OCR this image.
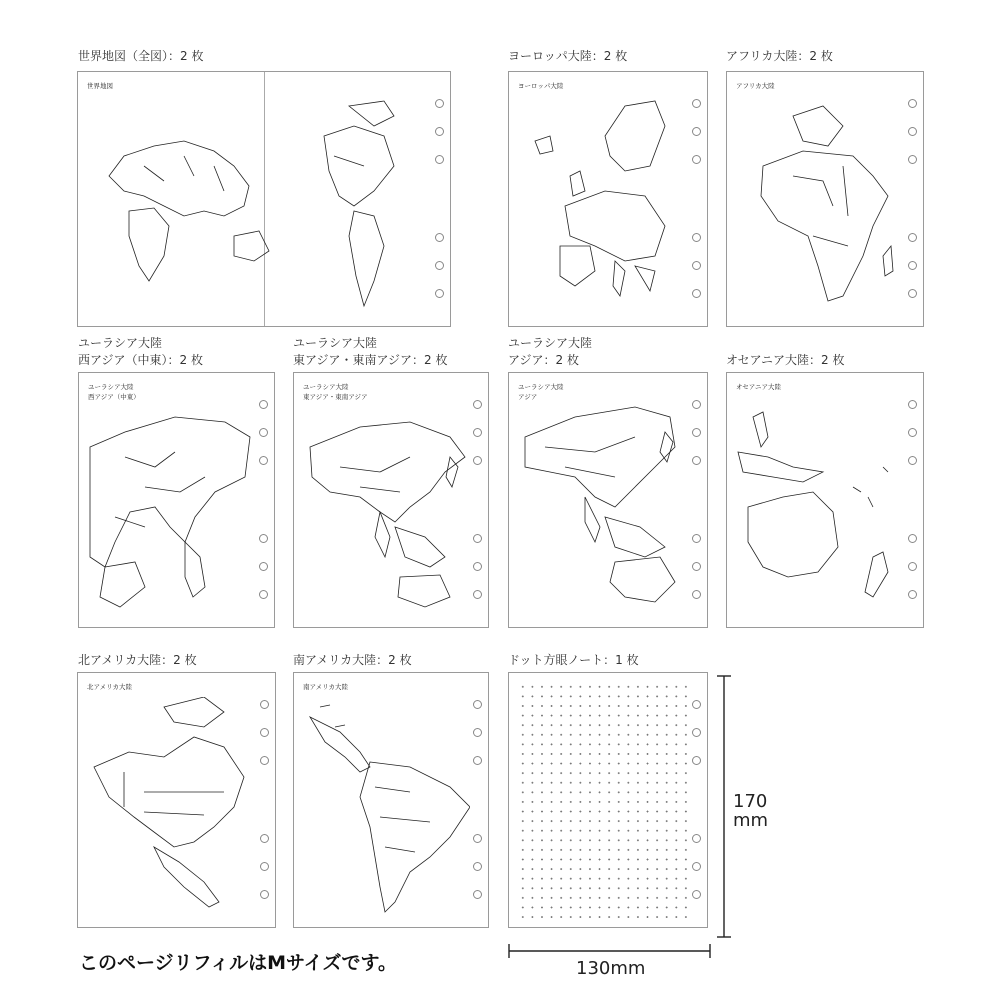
世界地図（全図）：2 枚
世界地図
ヨーロッパ大陸：2 枚
ヨーロッパ大陸
アフリカ大陸：2 枚
アフリカ大陸
ユーラシア大陸
西アジア（中東）：2 枚
ユーラシア大陸
西アジア（中東）
ユーラシア大陸
東アジア・東南アジア：2 枚
ユーラシア大陸
東アジア・東南アジア
ユーラシア大陸
アジア：2 枚
ユーラシア大陸
アジア
オセアニア大陸：2 枚
オセアニア大陸
北アメリカ大陸：2 枚
北アメリカ大陸
南アメリカ大陸：2 枚
南アメリカ大陸
ドット方眼ノート：1 枚
170
mm
130mm
このページリフィルはMサイズです。
